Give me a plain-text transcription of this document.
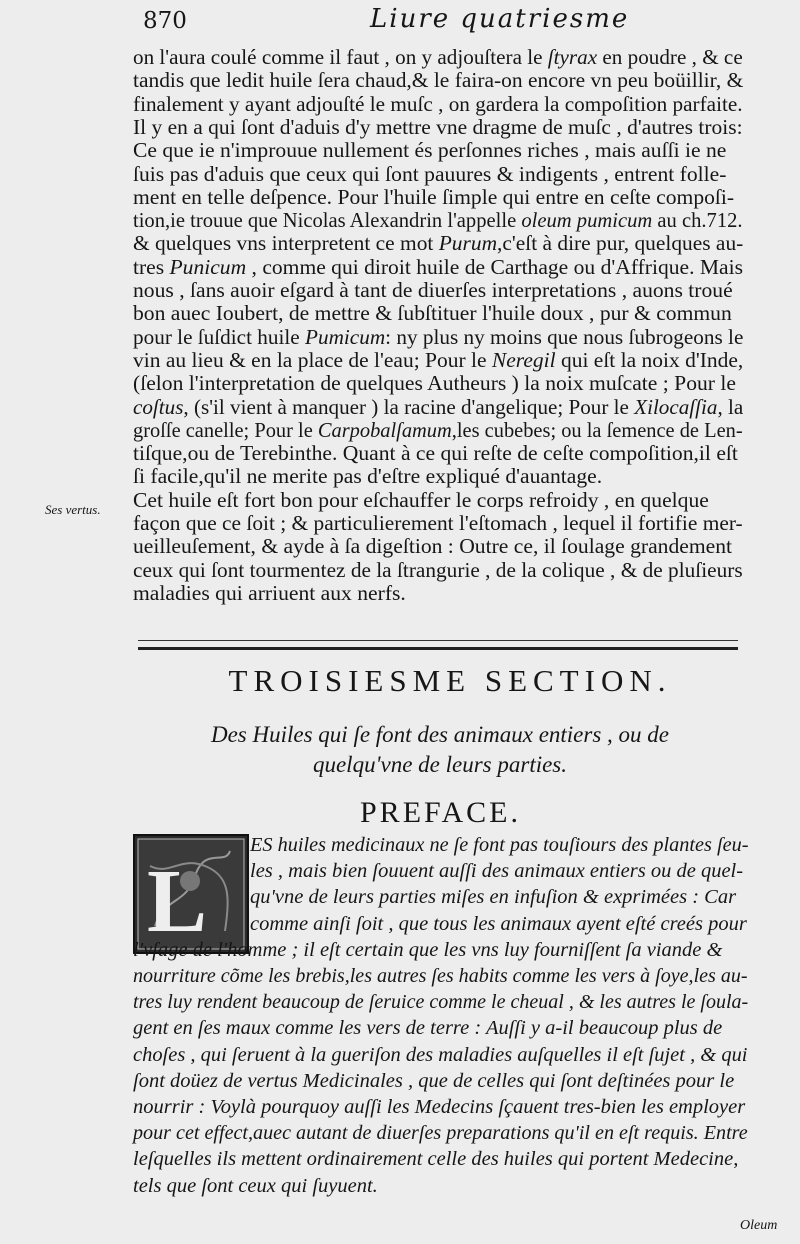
870	Liure quatriesme
on l'aura coulé comme il faut , on y adjouſtera le ſtyrax en poudre , & ce
tandis que ledit huile ſera chaud,& le faira-on encore vn peu boüillir, &
finalement y ayant adjouſté le muſc , on gardera la compoſition parfaite.
Il y en a qui ſont d'aduis d'y mettre vne dragme de muſc , d'autres trois:
Ce que ie n'improuue nullement és perſonnes riches , mais auſſi ie ne
ſuis pas d'aduis que ceux qui ſont pauures & indigents , entrent folle-
ment en telle deſpence. Pour l'huile ſimple qui entre en ceſte compoſi-
tion,ie trouue que Nicolas Alexandrin l'appelle oleum pumicum au ch.712.
& quelques vns interpretent ce mot Purum,c'eſt à dire pur, quelques au-
tres Punicum , comme qui diroit huile de Carthage ou d'Affrique. Mais
nous , ſans auoir eſgard à tant de diuerſes interpretations , auons troué
bon auec Ioubert, de mettre & ſubſtituer l'huile doux , pur & commun
pour le ſuſdict huile Pumicum: ny plus ny moins que nous ſubrogeons le
vin au lieu & en la place de l'eau; Pour le Neregil qui eſt la noix d'Inde,
(ſelon l'interpretation de quelques Autheurs ) la noix muſcate ; Pour le
coſtus, (s'il vient à manquer ) la racine d'angelique; Pour le Xilocaſſia, la
groſſe canelle; Pour le Carpobalſamum,les cubebes; ou la ſemence de Len-
tiſque,ou de Terebinthe. Quant à ce qui reſte de ceſte compoſition,il eſt
ſi facile,qu'il ne merite pas d'eſtre expliqué d'auantage.
Cet huile eſt fort bon pour eſchauffer le corps refroidy , en quelque
façon que ce ſoit ; & particulierement l'eſtomach , lequel il fortifie mer-
ueilleuſement, & ayde à ſa digeſtion : Outre ce, il ſoulage grandement
ceux qui ſont tourmentez de la ſtrangurie , de la colique , & de pluſieurs
maladies qui arriuent aux nerfs.
Ses vertus.
TROISIESME SECTION.
Des Huiles qui ſe font des animaux entiers , ou de
quelqu'vne de leurs parties.
PREFACE.
L
ES huiles medicinaux ne ſe font pas touſiours des plantes ſeu-
les , mais bien ſouuent auſſi des animaux entiers ou de quel-
qu'vne de leurs parties miſes en infuſion & exprimées : Car
comme ainſi ſoit , que tous les animaux ayent eſté creés pour
l'vſage de l'homme ; il eſt certain que les vns luy fourniſſent ſa viande &
nourriture cõme les brebis,les autres ſes habits comme les vers à ſoye,les au-
tres luy rendent beaucoup de ſeruice comme le cheual , & les autres le ſoula-
gent en ſes maux comme les vers de terre : Auſſi y a-il beaucoup plus de
choſes , qui ſeruent à la gueriſon des maladies auſquelles il eſt ſujet , & qui
ſont doüez de vertus Medicinales , que de celles qui ſont deſtinées pour le
nourrir : Voylà pourquoy auſſi les Medecins ſçauent tres-bien les employer
pour cet effect,auec autant de diuerſes preparations qu'il en eſt requis. Entre
leſquelles ils mettent ordinairement celle des huiles qui portent Medecine,
tels que ſont ceux qui ſuyuent.
Oleum
